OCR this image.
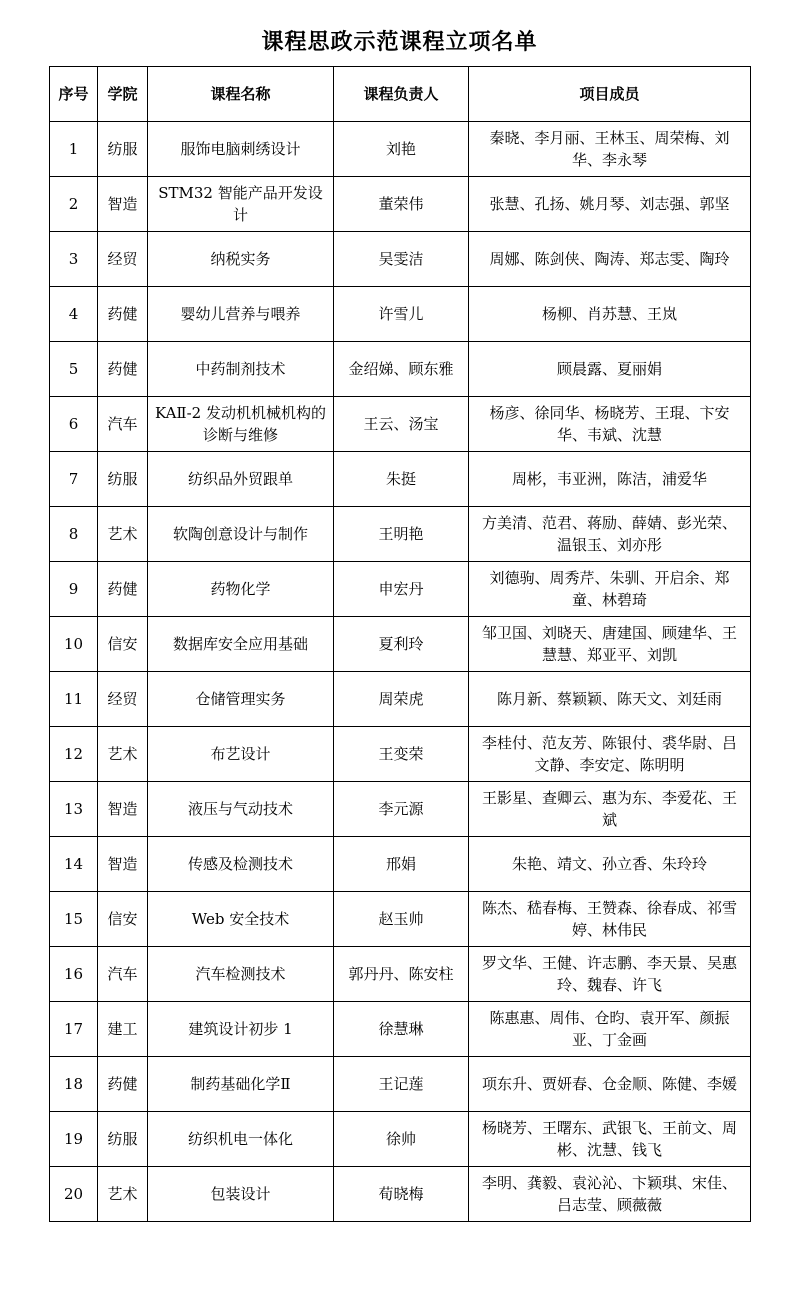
课程思政示范课程立项名单
序号	学院	课程名称	课程负责人	项目成员
1	纺服	服饰电脑刺绣设计	刘艳	秦晓、李月丽、王林玉、周荣梅、刘华、李永琴
2	智造	STM32 智能产品开发设计	董荣伟	张慧、孔扬、姚月琴、刘志强、郭坚
3	经贸	纳税实务	吴雯洁	周娜、陈剑侠、陶涛、郑志雯、陶玲
4	药健	婴幼儿营养与喂养	许雪儿	杨柳、肖苏慧、王岚
5	药健	中药制剂技术	金绍娣、顾东雅	顾晨露、夏丽娟
6	汽车	KAⅡ-2 发动机机械机构的诊断与维修	王云、汤宝	杨彦、徐同华、杨晓芳、王琨、卞安华、韦斌、沈慧
7	纺服	纺织品外贸跟单	朱挺	周彬，韦亚洲，陈洁，浦爱华
8	艺术	软陶创意设计与制作	王明艳	方美清、范君、蒋励、薛婧、彭光荣、温银玉、刘亦彤
9	药健	药物化学	申宏丹	刘德驹、周秀芹、朱驯、开启余、郑童、林碧琦
10	信安	数据库安全应用基础	夏利玲	邹卫国、刘晓天、唐建国、顾建华、王慧慧、郑亚平、刘凯
11	经贸	仓储管理实务	周荣虎	陈月新、蔡颖颖、陈天文、刘廷雨
12	艺术	布艺设计	王变荣	李桂付、范友芳、陈银付、裘华尉、吕文静、李安定、陈明明
13	智造	液压与气动技术	李元源	王影星、查卿云、惠为东、李爱花、王斌
14	智造	传感及检测技术	邢娟	朱艳、靖文、孙立香、朱玲玲
15	信安	Web 安全技术	赵玉帅	陈杰、嵇春梅、王赞森、徐春成、祁雪婷、林伟民
16	汽车	汽车检测技术	郭丹丹、陈安柱	罗文华、王健、许志鹏、李天景、吴惠玲、魏春、许飞
17	建工	建筑设计初步 1	徐慧琳	陈惠惠、周伟、仓昀、袁开军、颜振亚、丁金画
18	药健	制药基础化学Ⅱ	王记莲	项东升、贾妍春、仓金顺、陈健、李媛
19	纺服	纺织机电一体化	徐帅	杨晓芳、王曙东、武银飞、王前文、周彬、沈慧、钱飞
20	艺术	包装设计	荀晓梅	李明、龚毅、袁沁沁、卞颖琪、宋佳、吕志莹、顾薇薇
